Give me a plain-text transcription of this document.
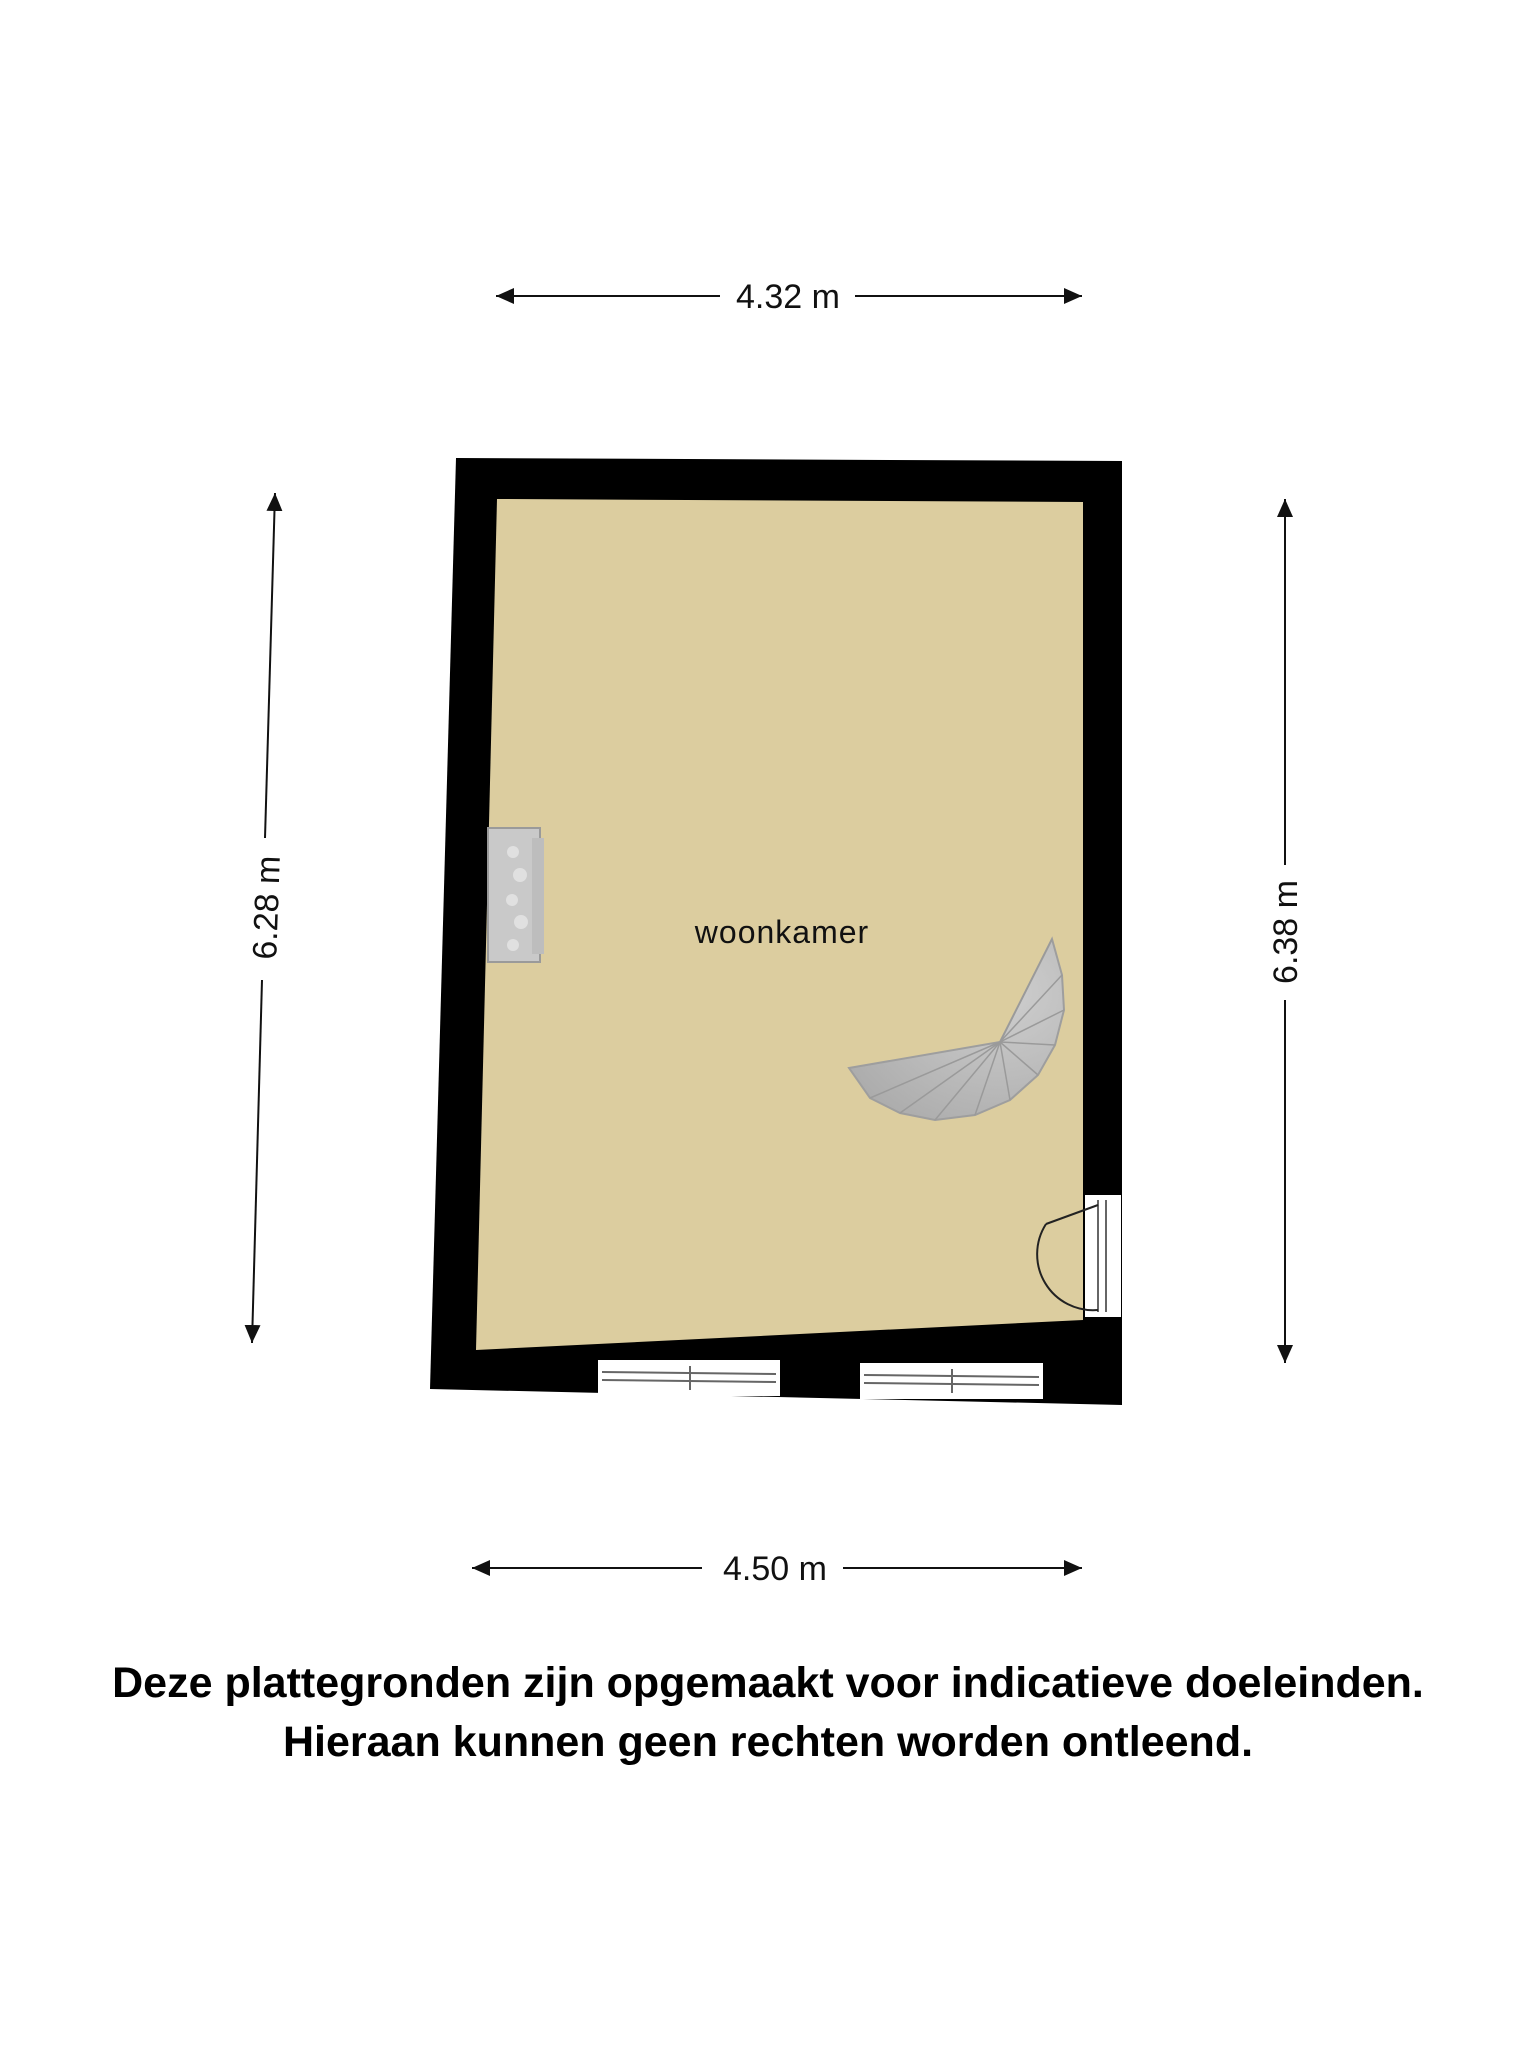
woonkamer
4.32 m
4.50 m
6.28 m	6.38 m
Deze plattegronden zijn opgemaakt voor indicatieve doeleinden.
Hieraan kunnen geen rechten worden ontleend.
